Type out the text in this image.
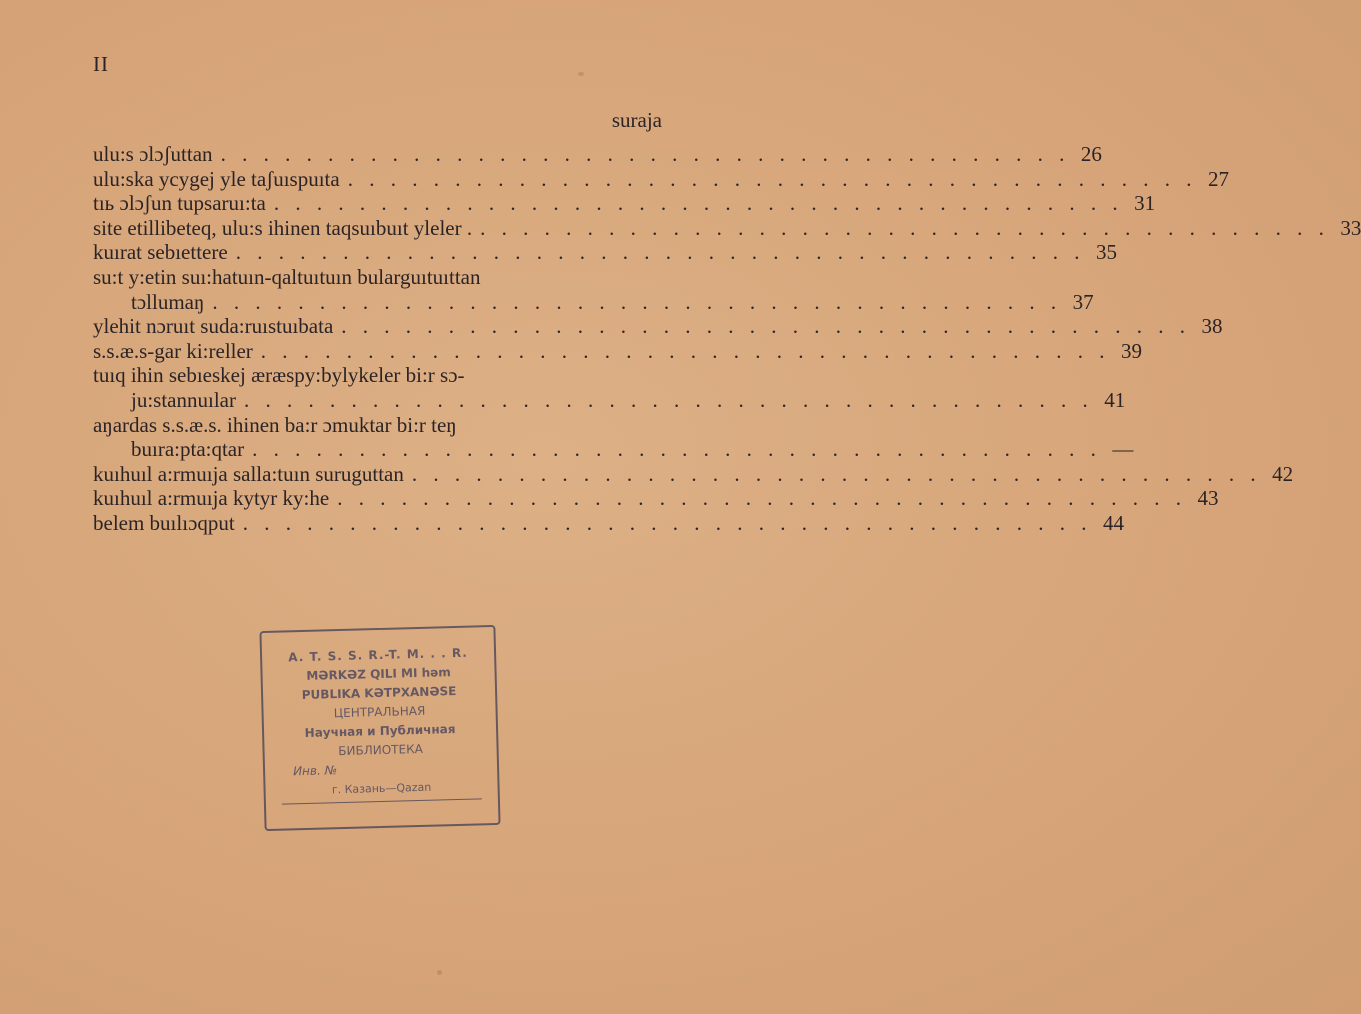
II
suraja
ulu:s ɔlɔʃuttan . . . . . . . . . . . . . . . . . . . . . . . . . . . . . . . . . . . . . . . . 26
ulu:ska ycygej yle taʃuıspuıta . . . . . . . . . . . . . . . . . . . . . . . . . . . . . . . . . . . . . . . . 27
tıь ɔlɔʃun tupsaruı:ta . . . . . . . . . . . . . . . . . . . . . . . . . . . . . . . . . . . . . . . . 31
site etillibeteq, ulu:s ihinen taqsuıbuıt yleler . . . . . . . . . . . . . . . . . . . . . . . . . . . . . . . . . . . . . . . . . 33
kuırat sebıettere . . . . . . . . . . . . . . . . . . . . . . . . . . . . . . . . . . . . . . . . 35
su:t y:etin suı:hatuın-qaltuıtuın bularguıtuıttan
tɔllumaŋ . . . . . . . . . . . . . . . . . . . . . . . . . . . . . . . . . . . . . . . . 37
ylehit nɔruıt suda:ruıstuıbata . . . . . . . . . . . . . . . . . . . . . . . . . . . . . . . . . . . . . . . . 38
s.s.æ.s-gar ki:reller . . . . . . . . . . . . . . . . . . . . . . . . . . . . . . . . . . . . . . . . 39
tuıq ihin sebıeskej æræspy:bylykeler bi:r sɔ-
ju:stannuılar . . . . . . . . . . . . . . . . . . . . . . . . . . . . . . . . . . . . . . . . 41
aŋardas s.s.æ.s. ihinen ba:r ɔmuktar bi:r teŋ
buıra:pta:qtar . . . . . . . . . . . . . . . . . . . . . . . . . . . . . . . . . . . . . . . . —
kuıhuıl a:rmuıja salla:tuın suruguttan . . . . . . . . . . . . . . . . . . . . . . . . . . . . . . . . . . . . . . . . 42
kuıhuıl a:rmuıja kytyr ky:he . . . . . . . . . . . . . . . . . . . . . . . . . . . . . . . . . . . . . . . . 43
belem buılıɔqput . . . . . . . . . . . . . . . . . . . . . . . . . . . . . . . . . . . . . . . . 44
A. T. S. S. R.-T. M. . . R.
MƏRKƏZ QILI MI həm
PUBLIKA KƏTPXANƏSE
ЦЕНТРАЛЬНАЯ
Научная и Публичная
БИБЛИОТЕКА
Инв. №
г. Казань—Qazan
